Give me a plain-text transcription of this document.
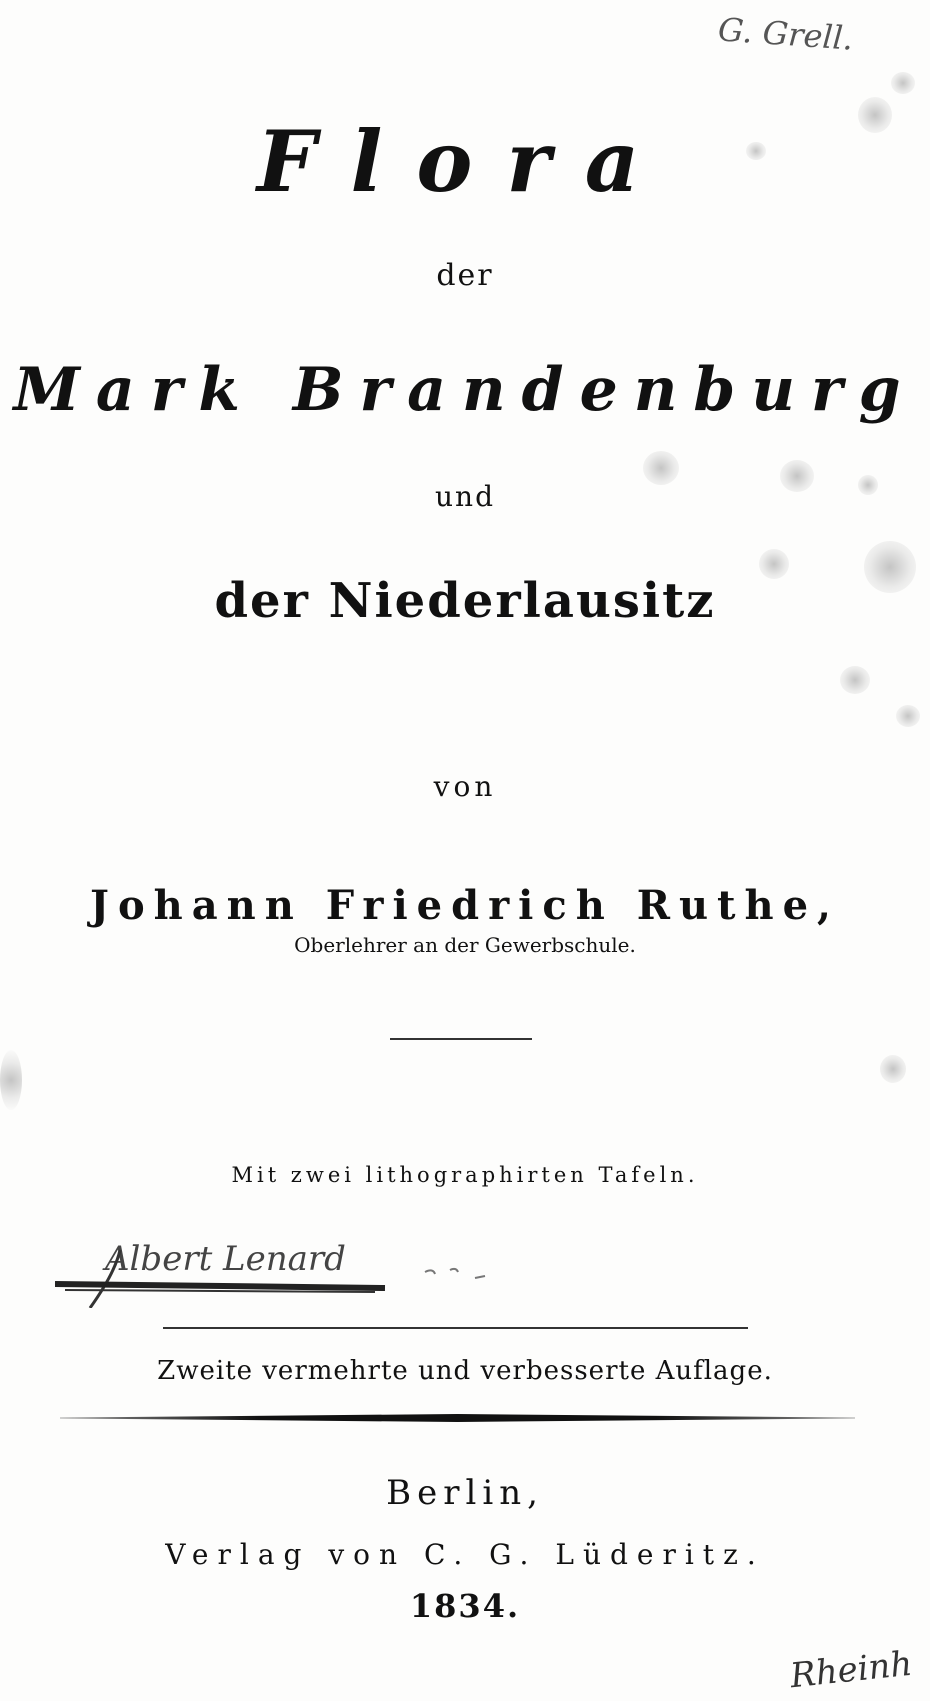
G. Grell.
Flora
der
Mark Brandenburg
und
der Niederlausitz
von
Johann Friedrich Ruthe,
Oberlehrer an der Gewerbschule.
Mit zwei lithographirten Tafeln.
Albert Lenard
Zweite vermehrte und verbesserte Auflage.
Berlin,
Verlag von C. G. Lüderitz.
1834.
Rheinh
